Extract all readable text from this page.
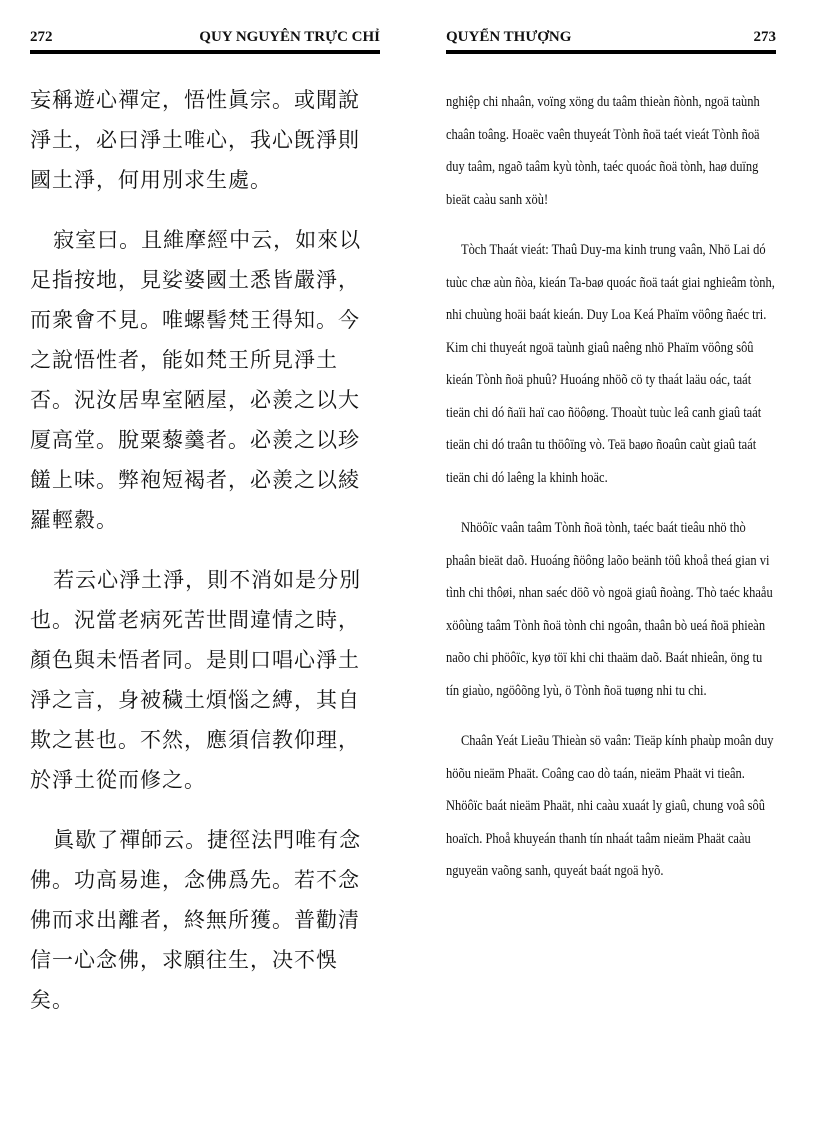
272	QUY NGUYÊN TRỰC CHỈ

妄稱遊心禪定，悟性眞宗。或聞說淨土，必曰淨土唯心，我心旣淨則國土淨，何用別求生處。

寂室曰。且維摩經中云，如來以足指按地，見娑婆國土悉皆嚴淨，而衆會不見。唯螺髻梵王得知。今之說悟性者，能如梵王所見淨土否。況汝居卑室陋屋，必羨之以大厦高堂。脫粟藜羹者。必羨之以珍饈上味。弊袍短褐者，必羨之以綾羅輕縠。

若云心淨土淨，則不消如是分別也。況當老病死苦世間違情之時，顏色與未悟者同。是則口唱心淨土淨之言，身被穢土煩惱之縛，其自欺之甚也。不然，應須信教仰理，於淨土從而修之。

眞歇了禪師云。捷徑法門唯有念佛。功高易進，念佛爲先。若不念佛而求出離者，終無所獲。普勸清信一心念佛，求願往生，决不悞矣。

QUYỂN THƯỢNG	273

nghiệp chi nhaân, voïng xöng du taâm thieàn ñònh, ngoä taùnh chaân toâng. Hoaëc vaên thuyeát Tònh ñoä taét vieát Tònh ñoä duy taâm, ngaõ taâm kyù tònh, taéc quoác ñoä tònh, haø duïng bieät caàu sanh xöù!

Tòch Thaát vieát: Thaû Duy-ma kinh trung vaân, Nhö Lai dó tuùc chæ aùn ñòa, kieán Ta-baø quoác ñoä taát giai nghieâm tònh, nhi chuùng hoäi baát kieán. Duy Loa Keá Phaïm vöông ñaéc tri. Kim chi thuyeát ngoä taùnh giaû naêng nhö Phaïm vöông sôû kieán Tònh ñoä phuû? Huoáng nhöõ cö ty thaát laäu oác, taát tieän chi dó ñaïi haï cao ñöôøng. Thoaùt tuùc leâ canh giaû taát tieän chi dó traân tu thöôïng vò. Teä baøo ñoaûn caùt giaû taát tieän chi dó laêng la khinh hoäc.

Nhöôïc vaân taâm Tònh ñoä tònh, taéc baát tieâu nhö thò phaân bieät daõ. Huoáng ñöông laõo beänh töû khoå theá gian vi tình chi thôøi, nhan saéc döõ vò ngoä giaû ñoàng. Thò taéc khaåu xöôùng taâm Tònh ñoä tònh chi ngoân, thaân bò ueá ñoä phieàn naõo chi phöôïc, kyø töï khi chi thaäm daõ. Baát nhieân, öng tu tín giaùo, ngöôõng lyù, ö Tònh ñoä tuøng nhi tu chi.

Chaân Yeát Lieãu Thieàn sö vaân: Tieäp kính phaùp moân duy höõu nieäm Phaät. Coâng cao dò taán, nieäm Phaät vi tieân. Nhöôïc baát nieäm Phaät, nhi caàu xuaát ly giaû, chung voâ sôû hoaïch. Phoå khuyeán thanh tín nhaát taâm nieäm Phaät caàu nguyeän vaõng sanh, quyeát baát ngoä hyõ.
